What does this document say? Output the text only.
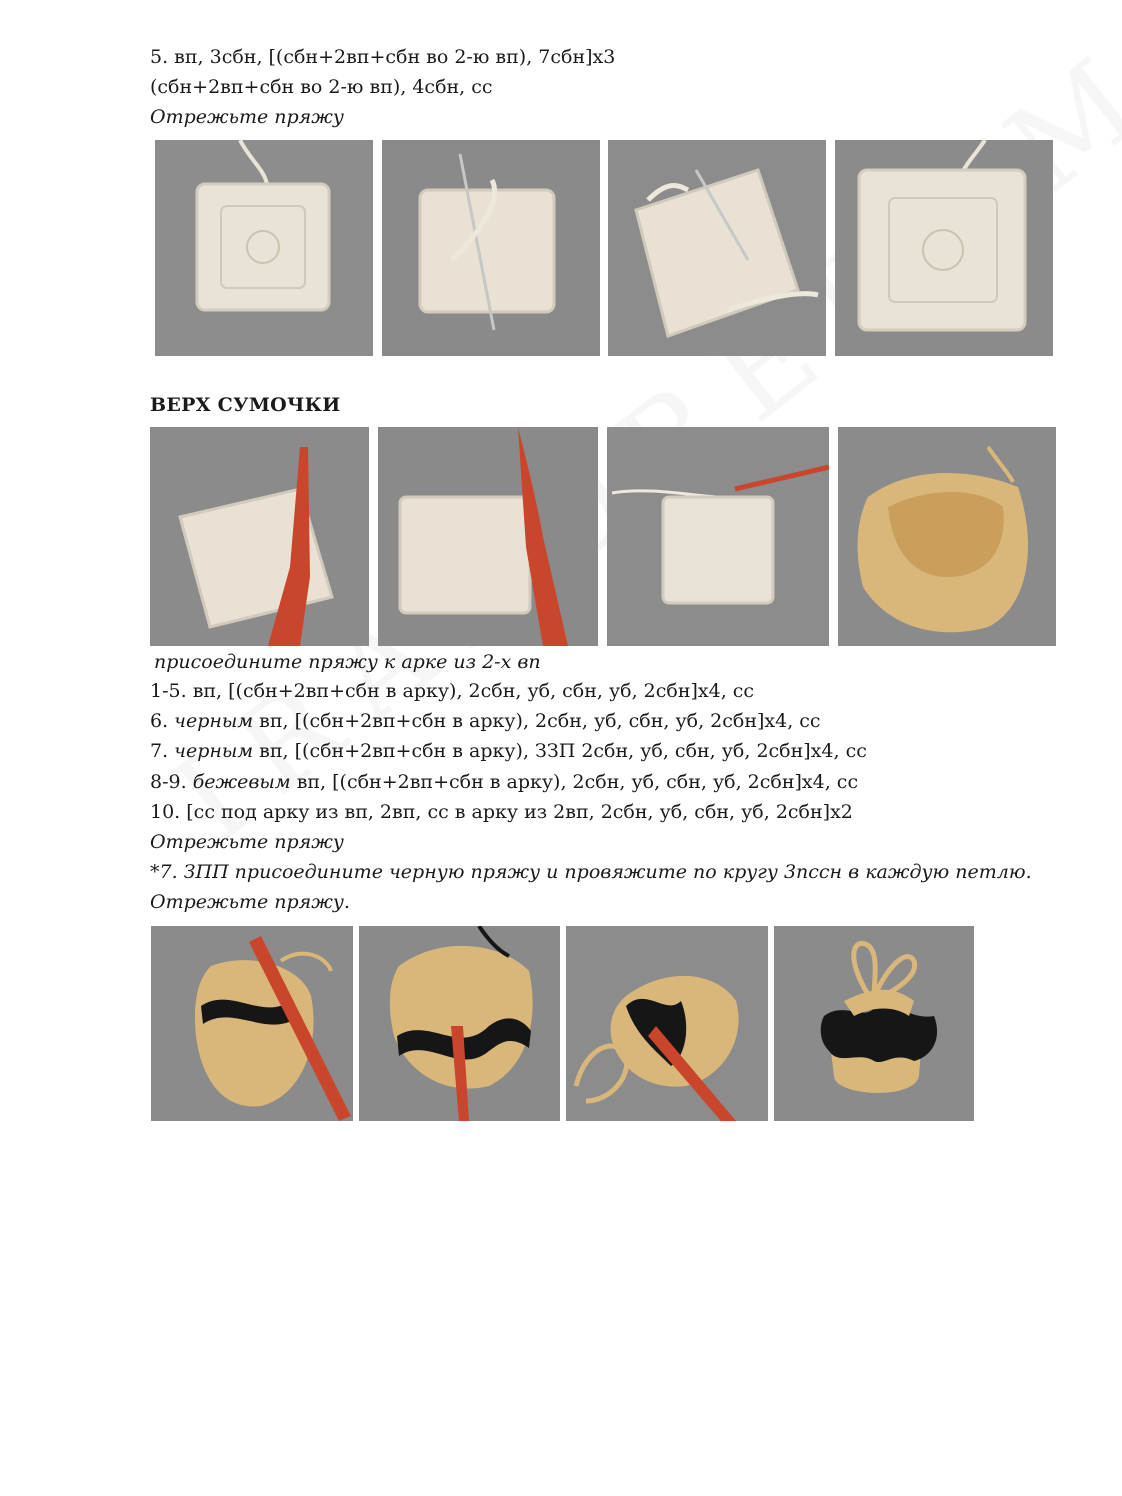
5. вп, 3сбн, [(сбн+2вп+сбн во 2-ю вп), 7сбн]х3
(сбн+2вп+сбн во 2-ю вп), 4сбн, сс
Отрежьте пряжу
ВЕРХ СУМОЧКИ
присоедините пряжу к арке из 2-х вп
1-5. вп, [(сбн+2вп+сбн в арку), 2сбн, уб, сбн, уб, 2сбн]х4, сс
6. черным вп, [(сбн+2вп+сбн в арку), 2сбн, уб, сбн, уб, 2сбн]х4, сс
7. черным вп, [(сбн+2вп+сбн в арку), ЗЗП 2сбн, уб, сбн, уб, 2сбн]х4, сс
8-9. бежевым вп, [(сбн+2вп+сбн в арку), 2сбн, уб, сбн, уб, 2сбн]х4, сс
10. [сс под арку из вп, 2вп, сс в арку из 2вп, 2сбн, уб, сбн, уб, 2сбн]х2
Отрежьте пряжу
*7. ЗПП присоедините черную пряжу и провяжите по кругу 3пссн в каждую петлю.
Отрежьте пряжу.
